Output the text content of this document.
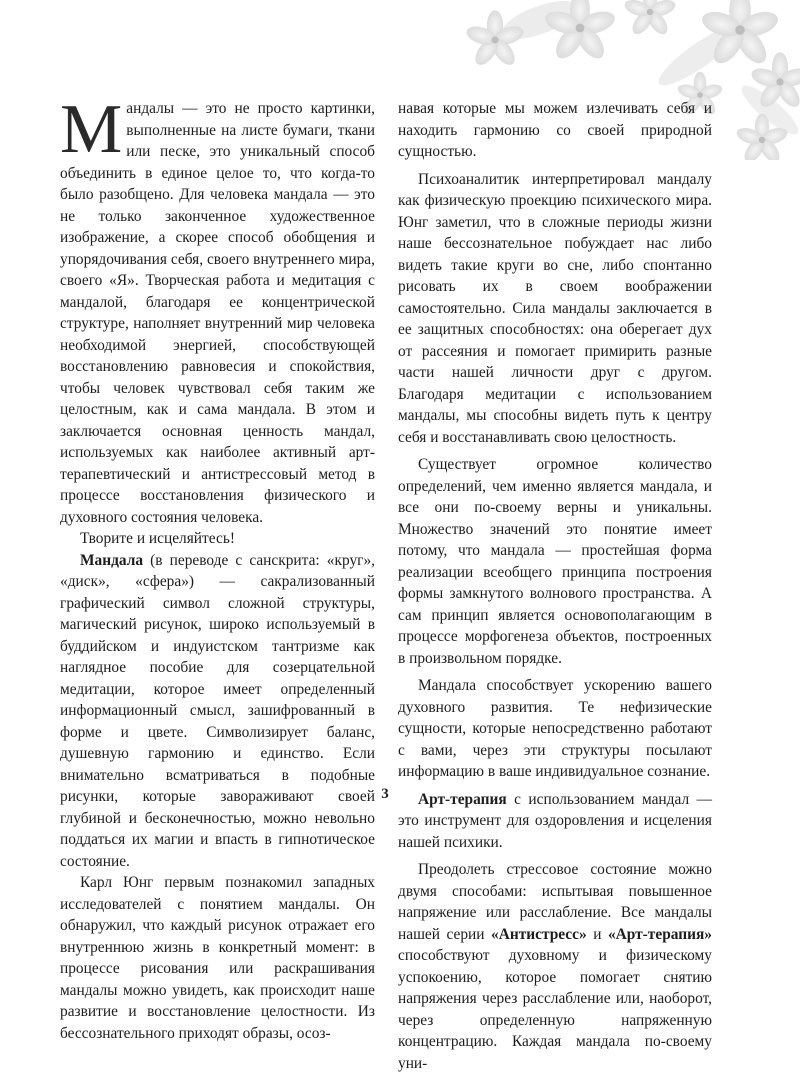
Мандалы — это не просто картинки, выполненные на листе бумаги, ткани или песке, это уникальный способ объединить в единое целое то, что когда-то было разобщено. Для человека мандала — это не только законченное художественное изображение, а скорее способ обобщения и упорядочивания себя, своего внутреннего мира, своего «Я». Творческая работа и медитация с мандалой, благодаря ее концентрической структуре, наполняет внутренний мир человека необходимой энергией, способствующей восстановлению равновесия и спокойствия, чтобы человек чувствовал себя таким же целостным, как и сама мандала. В этом и заключается основная ценность мандал, используемых как наиболее активный арт-терапевтический и антистрессовый метод в процессе восстановления физического и духовного состояния человека.

Творите и исцеляйтесь!

Мандала (в переводе с санскрита: «круг», «диск», «сфера») — сакрализованный графический символ сложной структуры, магический рисунок, широко используемый в буддийском и индуистском тантризме как наглядное пособие для созерцательной медитации, которое имеет определенный информационный смысл, зашифрованный в форме и цвете. Символизирует баланс, душевную гармонию и единство. Если внимательно всматриваться в подобные рисунки, которые завораживают своей глубиной и бесконечностью, можно невольно поддаться их магии и впасть в гипнотическое состояние.

Карл Юнг первым познакомил западных исследователей с понятием мандалы. Он обнаружил, что каждый рисунок отражает его внутреннюю жизнь в конкретный момент: в процессе рисования или раскрашивания мандалы можно увидеть, как происходит наше развитие и восстановление целостности. Из бессознательного приходят образы, осоз-

навая которые мы можем излечивать себя и находить гармонию со своей природной сущностью.

Психоаналитик интерпретировал мандалу как физическую проекцию психического мира. Юнг заметил, что в сложные периоды жизни наше бессознательное побуждает нас либо видеть такие круги во сне, либо спонтанно рисовать их в своем воображении самостоятельно. Сила мандалы заключается в ее защитных способностях: она оберегает дух от рассеяния и помогает примирить разные части нашей личности друг с другом. Благодаря медитации с использованием мандалы, мы способны видеть путь к центру себя и восстанавливать свою целостность.

Существует огромное количество определений, чем именно является мандала, и все они по-своему верны и уникальны. Множество значений это понятие имеет потому, что мандала — простейшая форма реализации всеобщего принципа построения формы замкнутого волнового пространства. А сам принцип является основополагающим в процессе морфогенеза объектов, построенных в произвольном порядке.

Мандала способствует ускорению вашего духовного развития. Те нефизические сущности, которые непосредственно работают с вами, через эти структуры посылают информацию в ваше индивидуальное сознание.

Арт-терапия с использованием мандал — это инструмент для оздоровления и исцеления нашей психики.

Преодолеть стрессовое состояние можно двумя способами: испытывая повышенное напряжение или расслабление. Все мандалы нашей серии «Антистресс» и «Арт-терапия» способствуют духовному и физическому успокоению, которое помогает снятию напряжения через расслабление или, наоборот, через определенную напряженную концентрацию. Каждая мандала по-своему уни-

3
